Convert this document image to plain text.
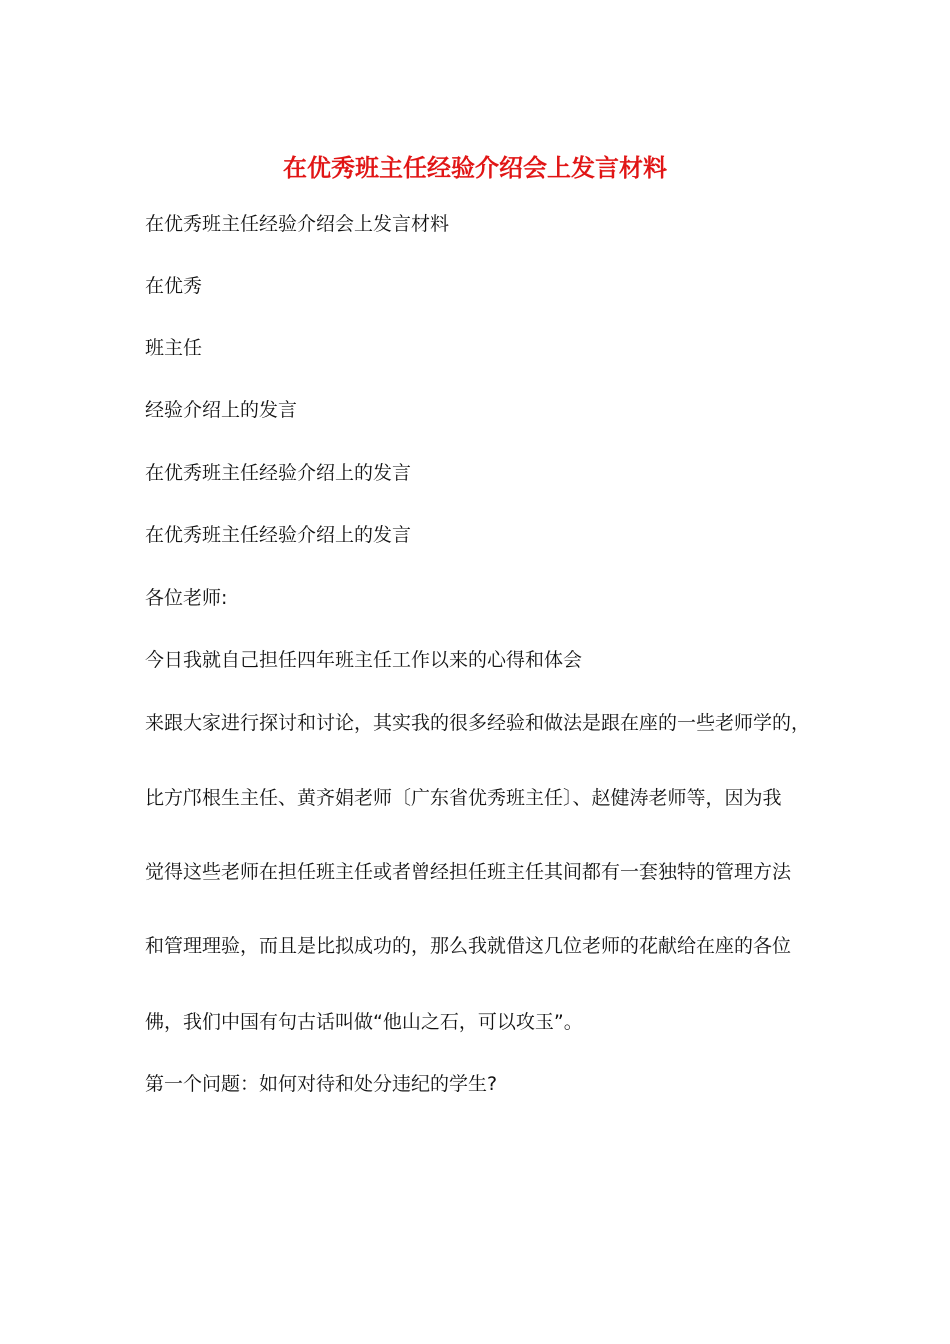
在优秀班主任经验介绍会上发言材料

在优秀班主任经验介绍会上发言材料

在优秀

班主任

经验介绍上的发言

在优秀班主任经验介绍上的发言

在优秀班主任经验介绍上的发言

各位老师:

今日我就自己担任四年班主任工作以来的心得和体会

来跟大家进行探讨和讨论，其实我的很多经验和做法是跟在座的一些老师学的，

比方邝根生主任、黄齐娟老师〔广东省优秀班主任〕、赵健涛老师等，因为我

觉得这些老师在担任班主任或者曾经担任班主任其间都有一套独特的管理方法

和管理理验，而且是比拟成功的，那么我就借这几位老师的花献给在座的各位

佛，我们中国有句古话叫做“他山之石，可以攻玉”。

第一个问题：如何对待和处分违纪的学生?
